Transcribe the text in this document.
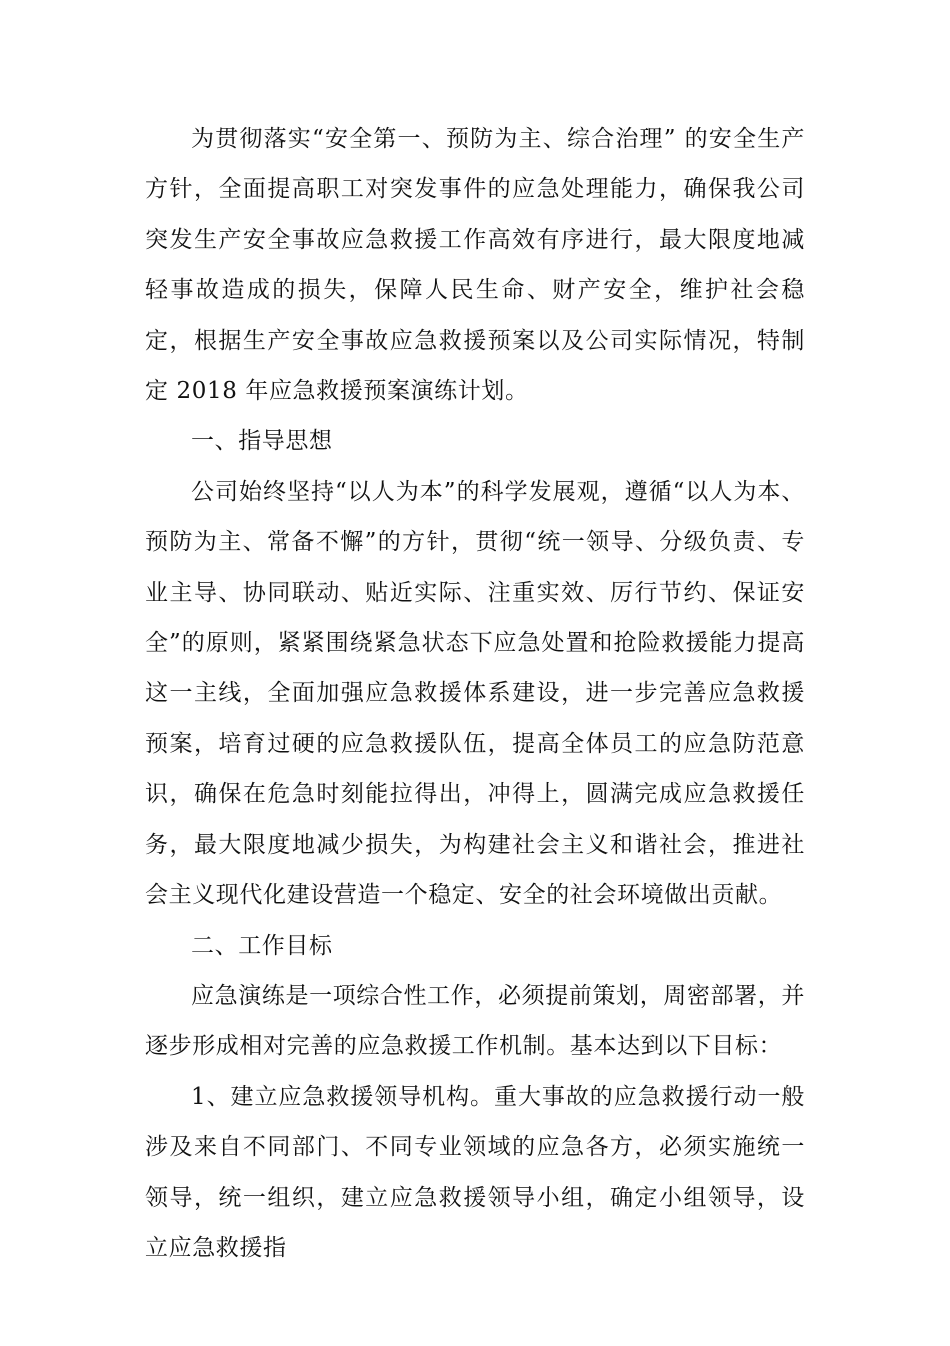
为贯彻落实“安全第一、预防为主、综合治理” 的安全生产方针，全面提高职工对突发事件的应急处理能力，确保我公司突发生产安全事故应急救援工作高效有序进行，最大限度地减轻事故造成的损失，保障人民生命、财产安全，维护社会稳定，根据生产安全事故应急救援预案以及公司实际情况，特制定 2018 年应急救援预案演练计划。

一、指导思想

公司始终坚持“以人为本”的科学发展观，遵循“以人为本、预防为主、常备不懈”的方针，贯彻“统一领导、分级负责、专业主导、协同联动、贴近实际、注重实效、厉行节约、保证安全”的原则，紧紧围绕紧急状态下应急处置和抢险救援能力提高这一主线，全面加强应急救援体系建设，进一步完善应急救援预案，培育过硬的应急救援队伍，提高全体员工的应急防范意识，确保在危急时刻能拉得出，冲得上，圆满完成应急救援任务，最大限度地减少损失，为构建社会主义和谐社会，推进社会主义现代化建设营造一个稳定、安全的社会环境做出贡献。

二、工作目标

应急演练是一项综合性工作，必须提前策划，周密部署，并逐步形成相对完善的应急救援工作机制。基本达到以下目标：

1、建立应急救援领导机构。重大事故的应急救援行动一般涉及来自不同部门、不同专业领域的应急各方，必须实施统一领导，统一组织，建立应急救援领导小组，确定小组领导，设立应急救援指
